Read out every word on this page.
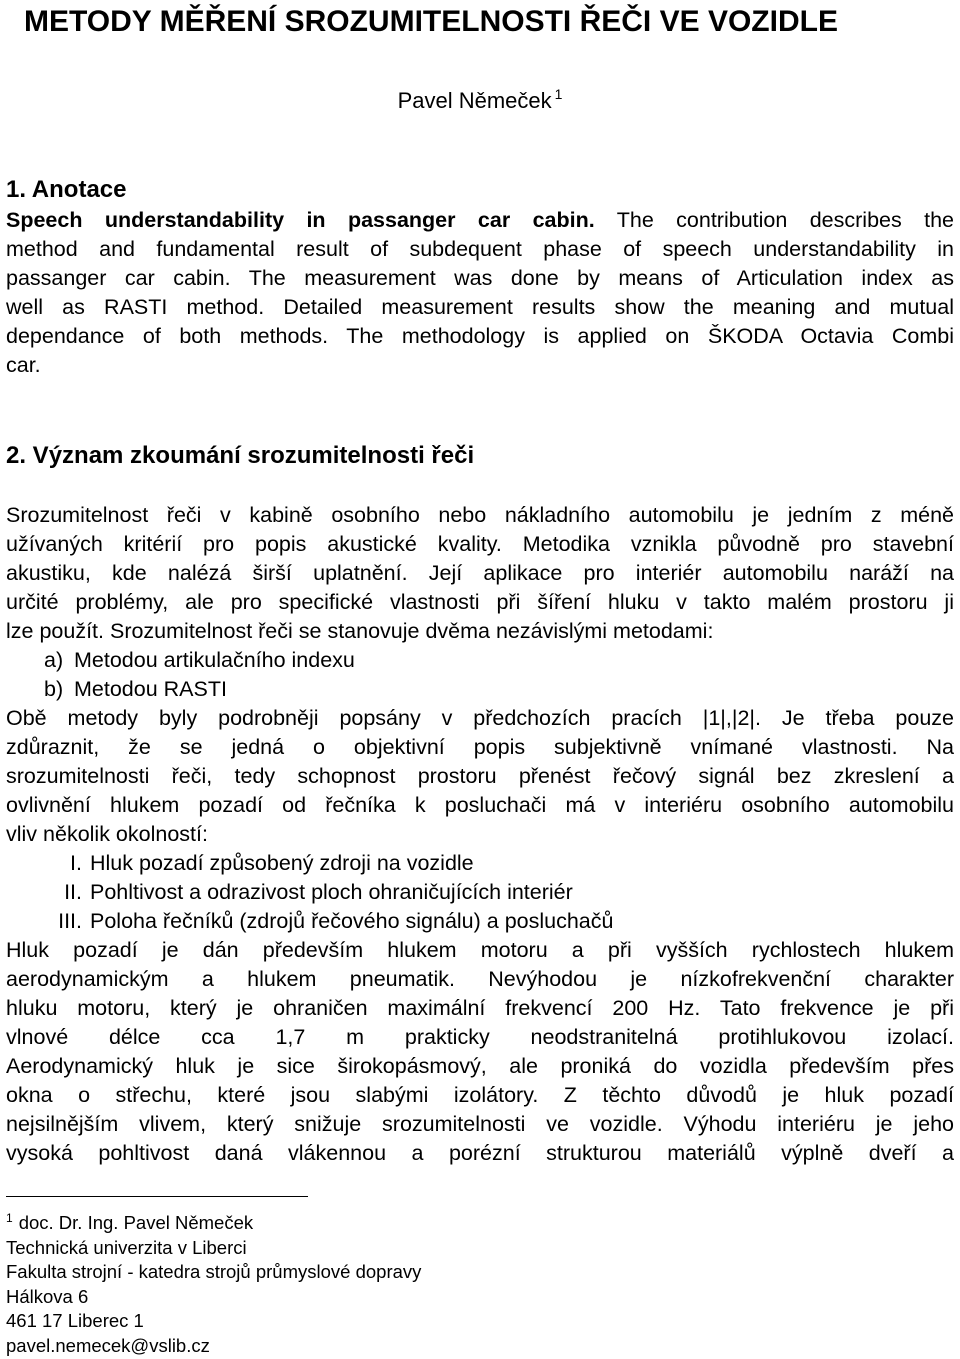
METODY MĚŘENÍ SROZUMITELNOSTI ŘEČI VE VOZIDLE
Pavel Němeček $^1$
1. Anotace
Speech understandability in passanger car cabin. The contribution describes the
method and fundamental result of subdequent phase of speech understandability in
passanger car cabin. The measurement was done by means of Articulation index as
well as RASTI method. Detailed measurement results show the meaning and mutual
dependance of both methods. The methodology is applied on ŠKODA Octavia Combi
car.
2. Význam zkoumání srozumitelnosti řeči
Srozumitelnost řeči v kabině osobního nebo nákladního automobilu je jedním z méně
užívaných kritérií pro popis akustické kvality. Metodika vznikla původně pro stavební
akustiku, kde nalézá širší uplatnění. Její aplikace pro interiér automobilu naráží na
určité problémy, ale pro specifické vlastnosti při šíření hluku v takto malém prostoru ji
lze použít. Srozumitelnost řeči se stanovuje dvěma nezávislými metodami:
a) Metodou artikulačního indexu
b) Metodou RASTI
Obě metody byly podrobněji popsány v předchozích pracích |1|,|2|. Je třeba pouze
zdůraznit, že se jedná o objektivní popis subjektivně vnímané vlastnosti. Na
srozumitelnosti řeči, tedy schopnost prostoru přenést řečový signál bez zkreslení a
ovlivnění hlukem pozadí od řečníka k posluchači má v interiéru osobního automobilu
vliv několik okolností:
I. Hluk pozadí způsobený zdroji na vozidle
II. Pohltivost a odrazivost ploch ohraničujících interiér
III. Poloha řečníků (zdrojů řečového signálu) a posluchačů
Hluk pozadí je dán především hlukem motoru a při vyšších rychlostech hlukem
aerodynamickým a hlukem pneumatik. Nevýhodou je nízkofrekvenční charakter
hluku motoru, který je ohraničen maximální frekvencí 200 Hz. Tato frekvence je při
vlnové délce cca 1,7 m prakticky neodstranitelná protihlukovou izolací.
Aerodynamický hluk je sice širokopásmový, ale proniká do vozidla především přes
okna o střechu, které jsou slabými izolátory. Z těchto důvodů je hluk pozadí
nejsilnějším vlivem, který snižuje srozumitelnosti ve vozidle. Výhodu interiéru je jeho
vysoká pohltivost daná vlákennou a porézní strukturou materiálů výplně dveří a
$^1$ doc. Dr. Ing. Pavel Němeček
Technická univerzita v Liberci
Fakulta strojní - katedra strojů průmyslové dopravy
Hálkova 6
461 17 Liberec 1
pavel.nemecek@vslib.cz
